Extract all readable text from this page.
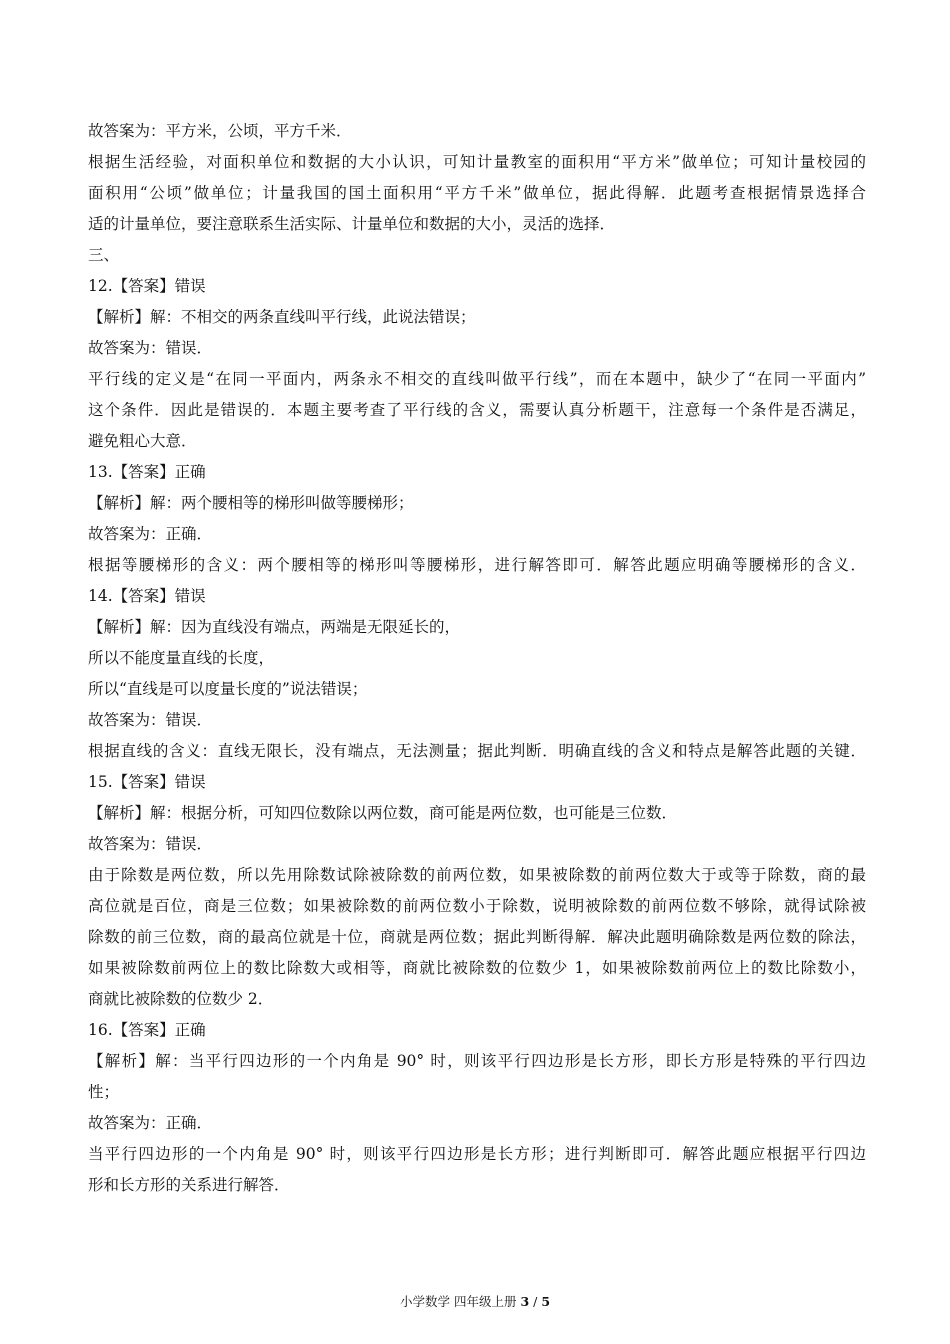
故答案为：平方米，公顷，平方千米．
根据生活经验，对面积单位和数据的大小认识，可知计量教室的面积用“平方米”做单位；可知计量校园的
面积用“公顷”做单位；计量我国的国土面积用“平方千米”做单位，据此得解．此题考查根据情景选择合
适的计量单位，要注意联系生活实际、计量单位和数据的大小，灵活的选择．
三、
12.【答案】错误
【解析】解：不相交的两条直线叫平行线，此说法错误；
故答案为：错误．
平行线的定义是“在同一平面内，两条永不相交的直线叫做平行线”，而在本题中，缺少了“在同一平面内”
这个条件．因此是错误的．本题主要考查了平行线的含义，需要认真分析题干，注意每一个条件是否满足，
避免粗心大意．
13.【答案】正确
【解析】解：两个腰相等的梯形叫做等腰梯形；
故答案为：正确．
根据等腰梯形的含义：两个腰相等的梯形叫等腰梯形，进行解答即可．解答此题应明确等腰梯形的含义．
14.【答案】错误
【解析】解：因为直线没有端点，两端是无限延长的，
所以不能度量直线的长度，
所以“直线是可以度量长度的”说法错误；
故答案为：错误．
根据直线的含义：直线无限长，没有端点，无法测量；据此判断．明确直线的含义和特点是解答此题的关键．
15.【答案】错误
【解析】解：根据分析，可知四位数除以两位数，商可能是两位数，也可能是三位数．
故答案为：错误．
由于除数是两位数，所以先用除数试除被除数的前两位数，如果被除数的前两位数大于或等于除数，商的最
高位就是百位，商是三位数；如果被除数的前两位数小于除数，说明被除数的前两位数不够除，就得试除被
除数的前三位数，商的最高位就是十位，商就是两位数；据此判断得解．解决此题明确除数是两位数的除法，
如果被除数前两位上的数比除数大或相等，商就比被除数的位数少 1，如果被除数前两位上的数比除数小，
商就比被除数的位数少 2．
16.【答案】正确
【解析】解：当平行四边形的一个内角是 90° 时，则该平行四边形是长方形，即长方形是特殊的平行四边
性；
故答案为：正确．
当平行四边形的一个内角是 90° 时，则该平行四边形是长方形；进行判断即可．解答此题应根据平行四边
形和长方形的关系进行解答．
小学数学 四年级上册 3 / 5
